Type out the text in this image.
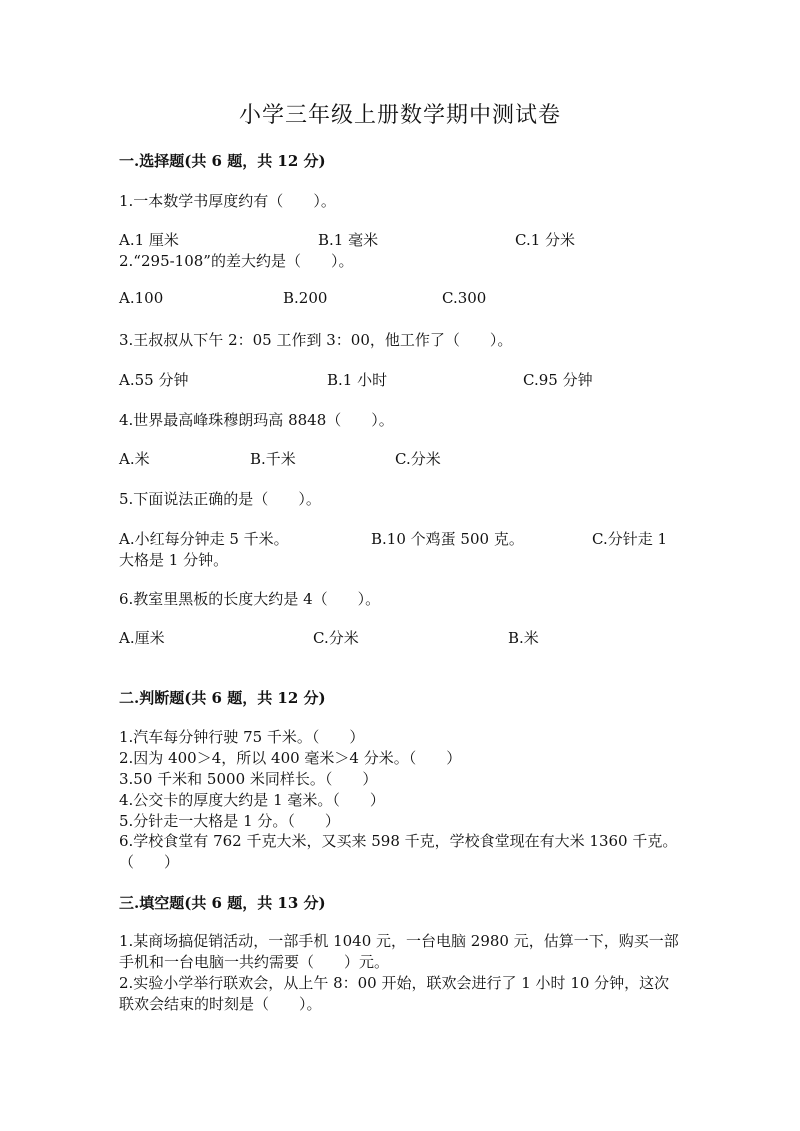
小学三年级上册数学期中测试卷
一.选择题(共 6 题，共 12 分)
1.一本数学书厚度约有（　　）。
A.1 厘米	B.1 毫米	C.1 分米
2.“295-108”的差大约是（　　）。
A.100	B.200	C.300
3.王叔叔从下午 2：05 工作到 3：00，他工作了（　　）。
A.55 分钟	B.1 小时	C.95 分钟
4.世界最高峰珠穆朗玛高 8848（　　）。
A.米	B.千米	C.分米
5.下面说法正确的是（　　）。
A.小红每分钟走 5 千米。	B.10 个鸡蛋 500 克。	C.分针走 1
大格是 1 分钟。
6.教室里黑板的长度大约是 4（　　）。
A.厘米	C.分米	B.米
二.判断题(共 6 题，共 12 分)
1.汽车每分钟行驶 75 千米。（　　）
2.因为 400＞4，所以 400 毫米＞4 分米。（　　）
3.50 千米和 5000 米同样长。（　　）
4.公交卡的厚度大约是 1 毫米。（　　）
5.分针走一大格是 1 分。（　　）
6.学校食堂有 762 千克大米，又买来 598 千克，学校食堂现在有大米 1360 千克。（　　）
三.填空题(共 6 题，共 13 分)
1.某商场搞促销活动，一部手机 1040 元，一台电脑 2980 元，估算一下，购买一部手机和一台电脑一共约需要（　　）元。
2.实验小学举行联欢会，从上午 8：00 开始，联欢会进行了 1 小时 10 分钟，这次联欢会结束的时刻是（　　）。
